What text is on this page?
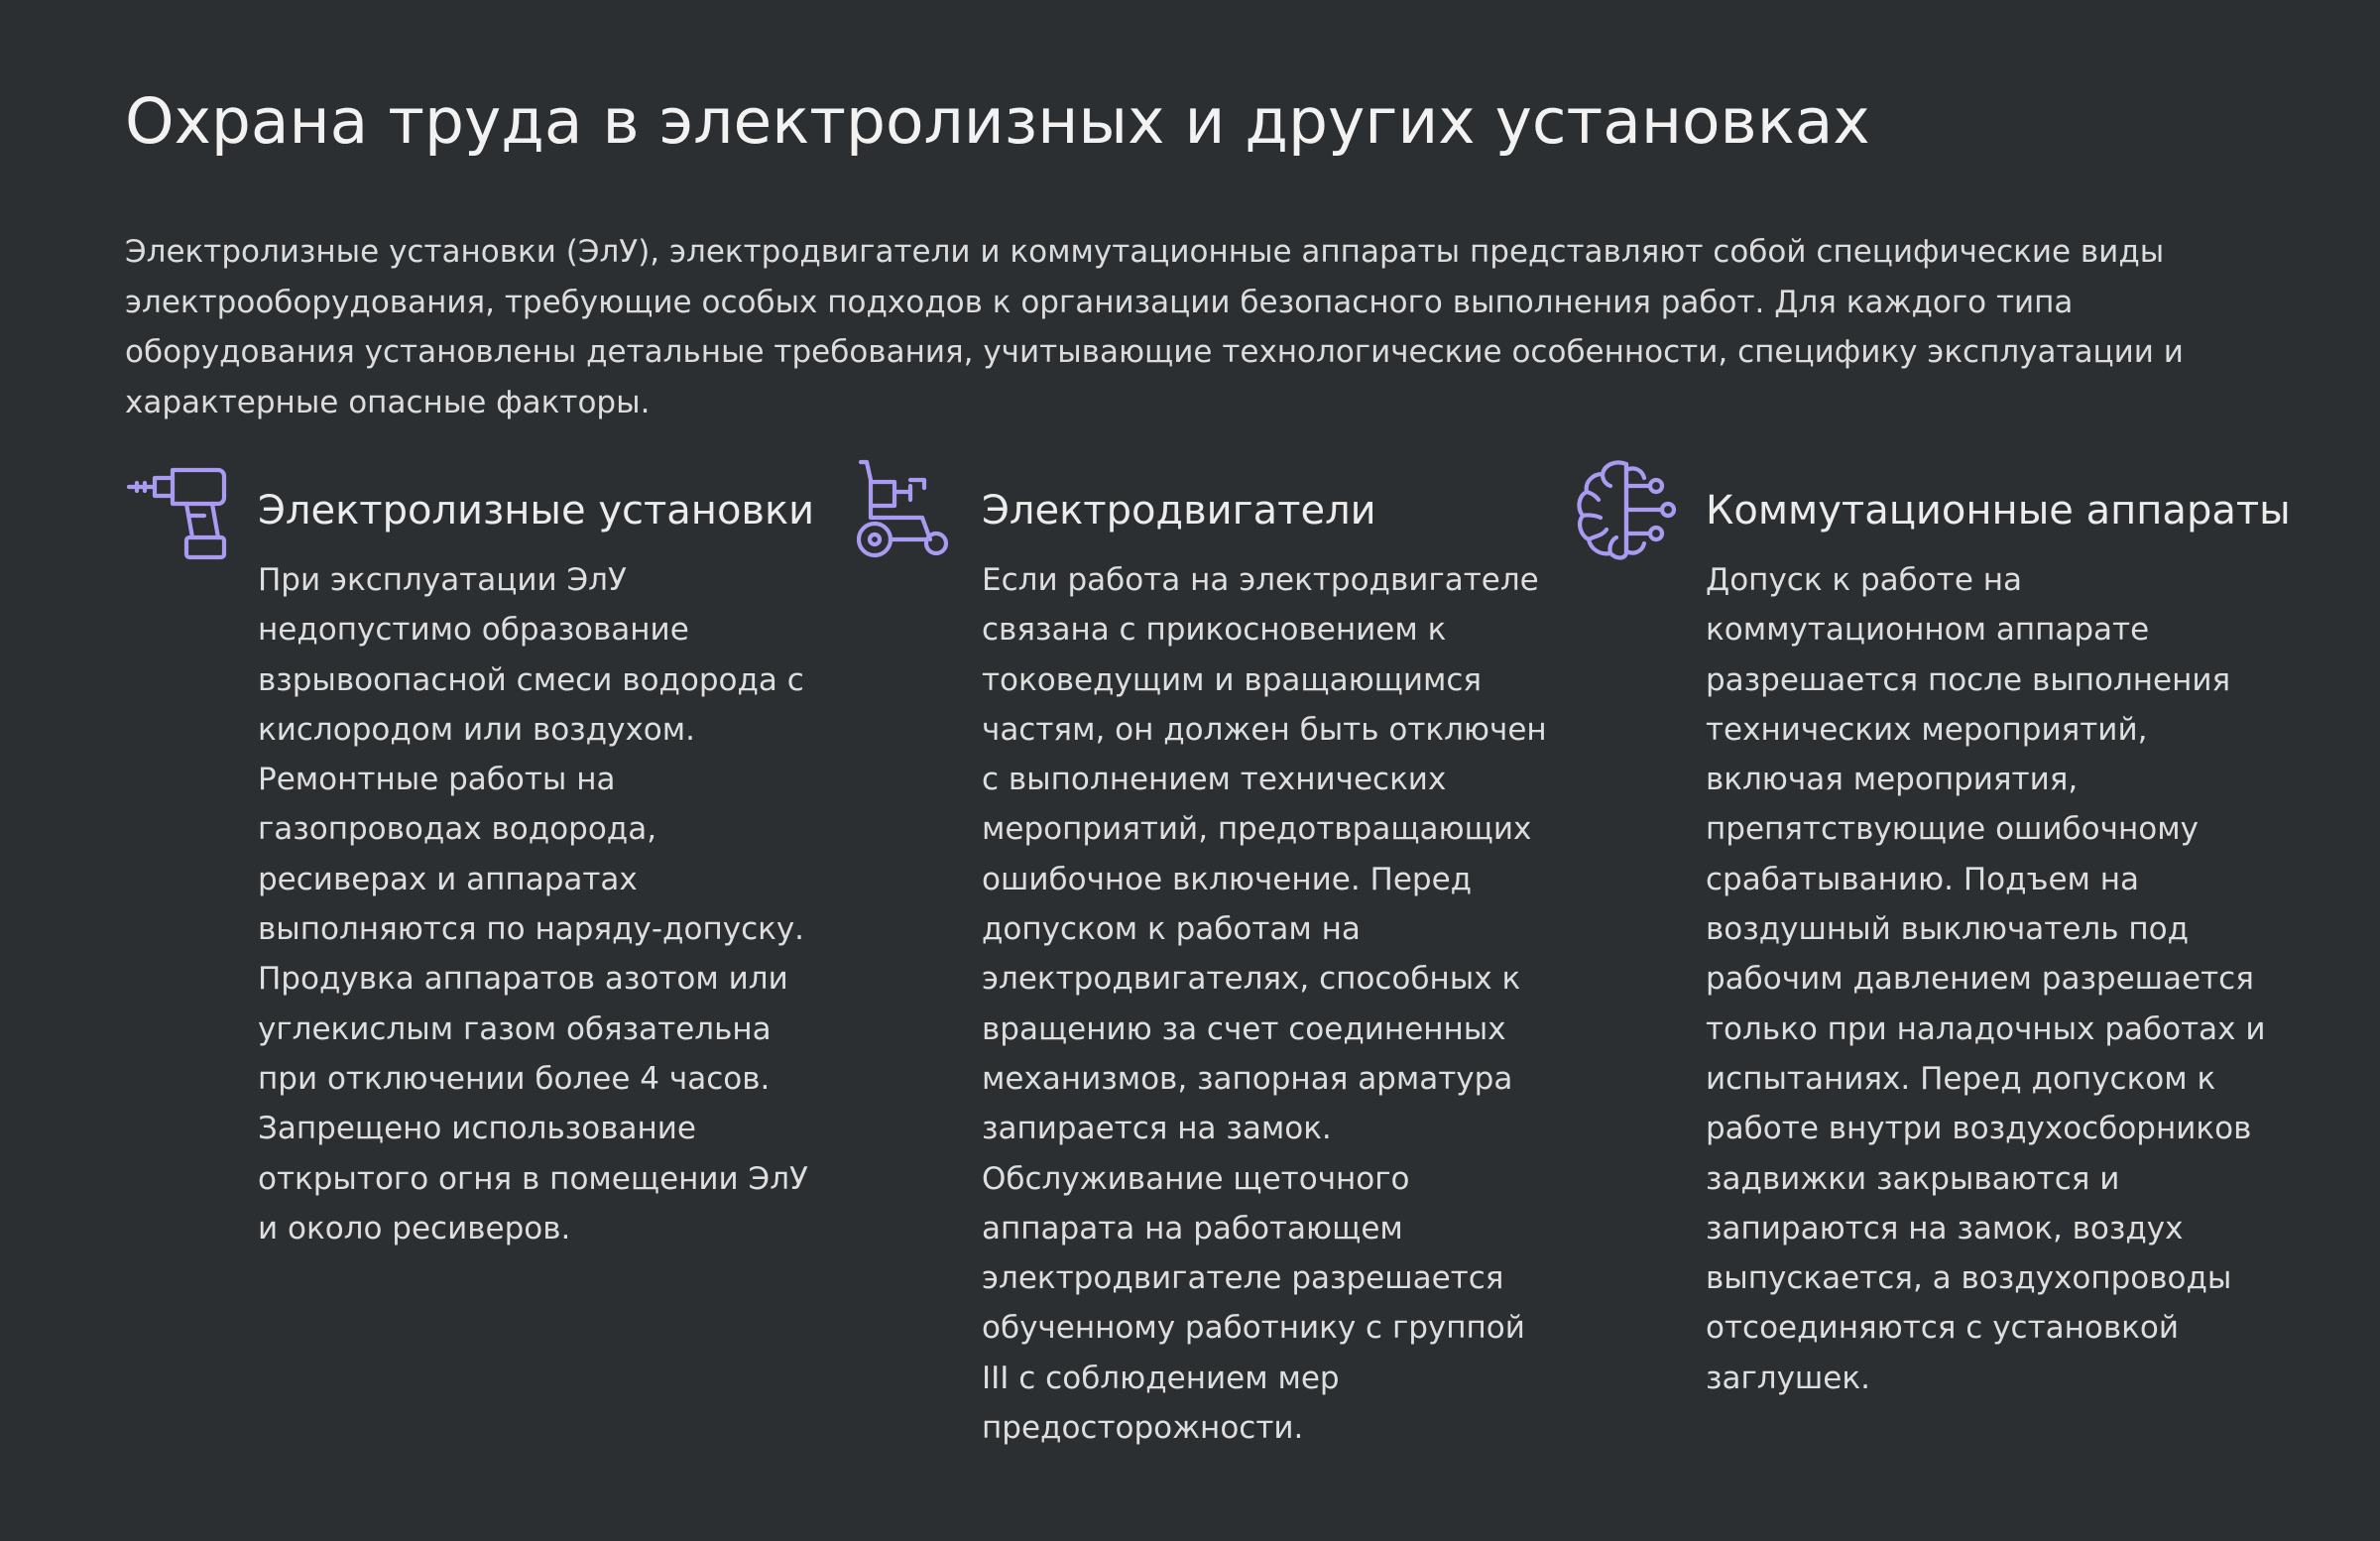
Охрана труда в электролизных и других установках

Электролизные установки (ЭлУ), электродвигатели и коммутационные аппараты представляют собой специфические виды электрооборудования, требующие особых подходов к организации безопасного выполнения работ. Для каждого типа оборудования установлены детальные требования, учитывающие технологические особенности, специфику эксплуатации и характерные опасные факторы.

Электролизные установки

При эксплуатации ЭлУ недопустимо образование взрывоопасной смеси водорода с кислородом или воздухом. Ремонтные работы на газопроводах водорода, ресиверах и аппаратах выполняются по наряду-допуску. Продувка аппаратов азотом или углекислым газом обязательна при отключении более 4 часов. Запрещено использование открытого огня в помещении ЭлУ и около ресиверов.

Электродвигатели

Если работа на электродвигателе связана с прикосновением к токоведущим и вращающимся частям, он должен быть отключен с выполнением технических мероприятий, предотвращающих ошибочное включение. Перед допуском к работам на электродвигателях, способных к вращению за счет соединенных механизмов, запорная арматура запирается на замок. Обслуживание щеточного аппарата на работающем электродвигателе разрешается обученному работнику с группой III с соблюдением мер предосторожности.

Коммутационные аппараты

Допуск к работе на коммутационном аппарате разрешается после выполнения технических мероприятий, включая мероприятия, препятствующие ошибочному срабатыванию. Подъем на воздушный выключатель под рабочим давлением разрешается только при наладочных работах и испытаниях. Перед допуском к работе внутри воздухосборников задвижки закрываются и запираются на замок, воздух выпускается, а воздухопроводы отсоединяются с установкой заглушек.
